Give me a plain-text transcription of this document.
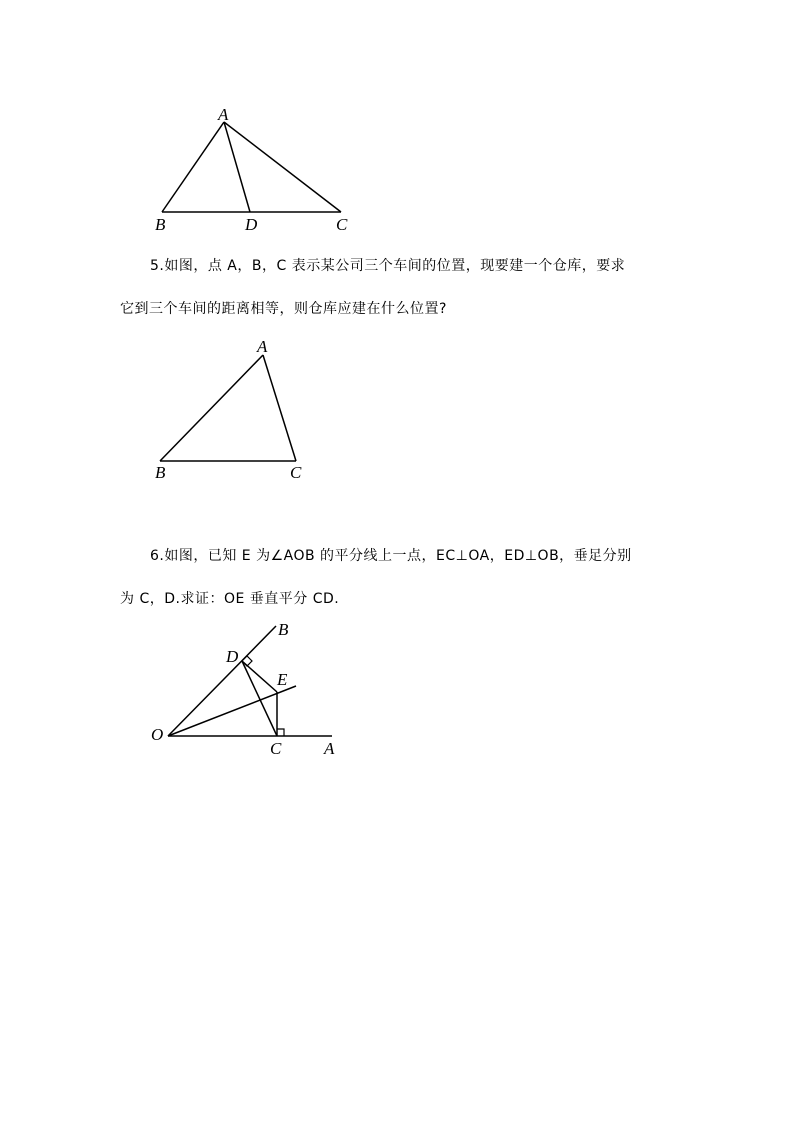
A
B	D	C
5.如图，点 A，B，C 表示某公司三个车间的位置，现要建一个仓库，要求
它到三个车间的距离相等，则仓库应建在什么位置?
A
B	C
6.如图，已知 E 为∠AOB 的平分线上一点，EC⊥OA，ED⊥OB，垂足分别
为 C，D.求证：OE 垂直平分 CD.
O
C	A
B
D
E
